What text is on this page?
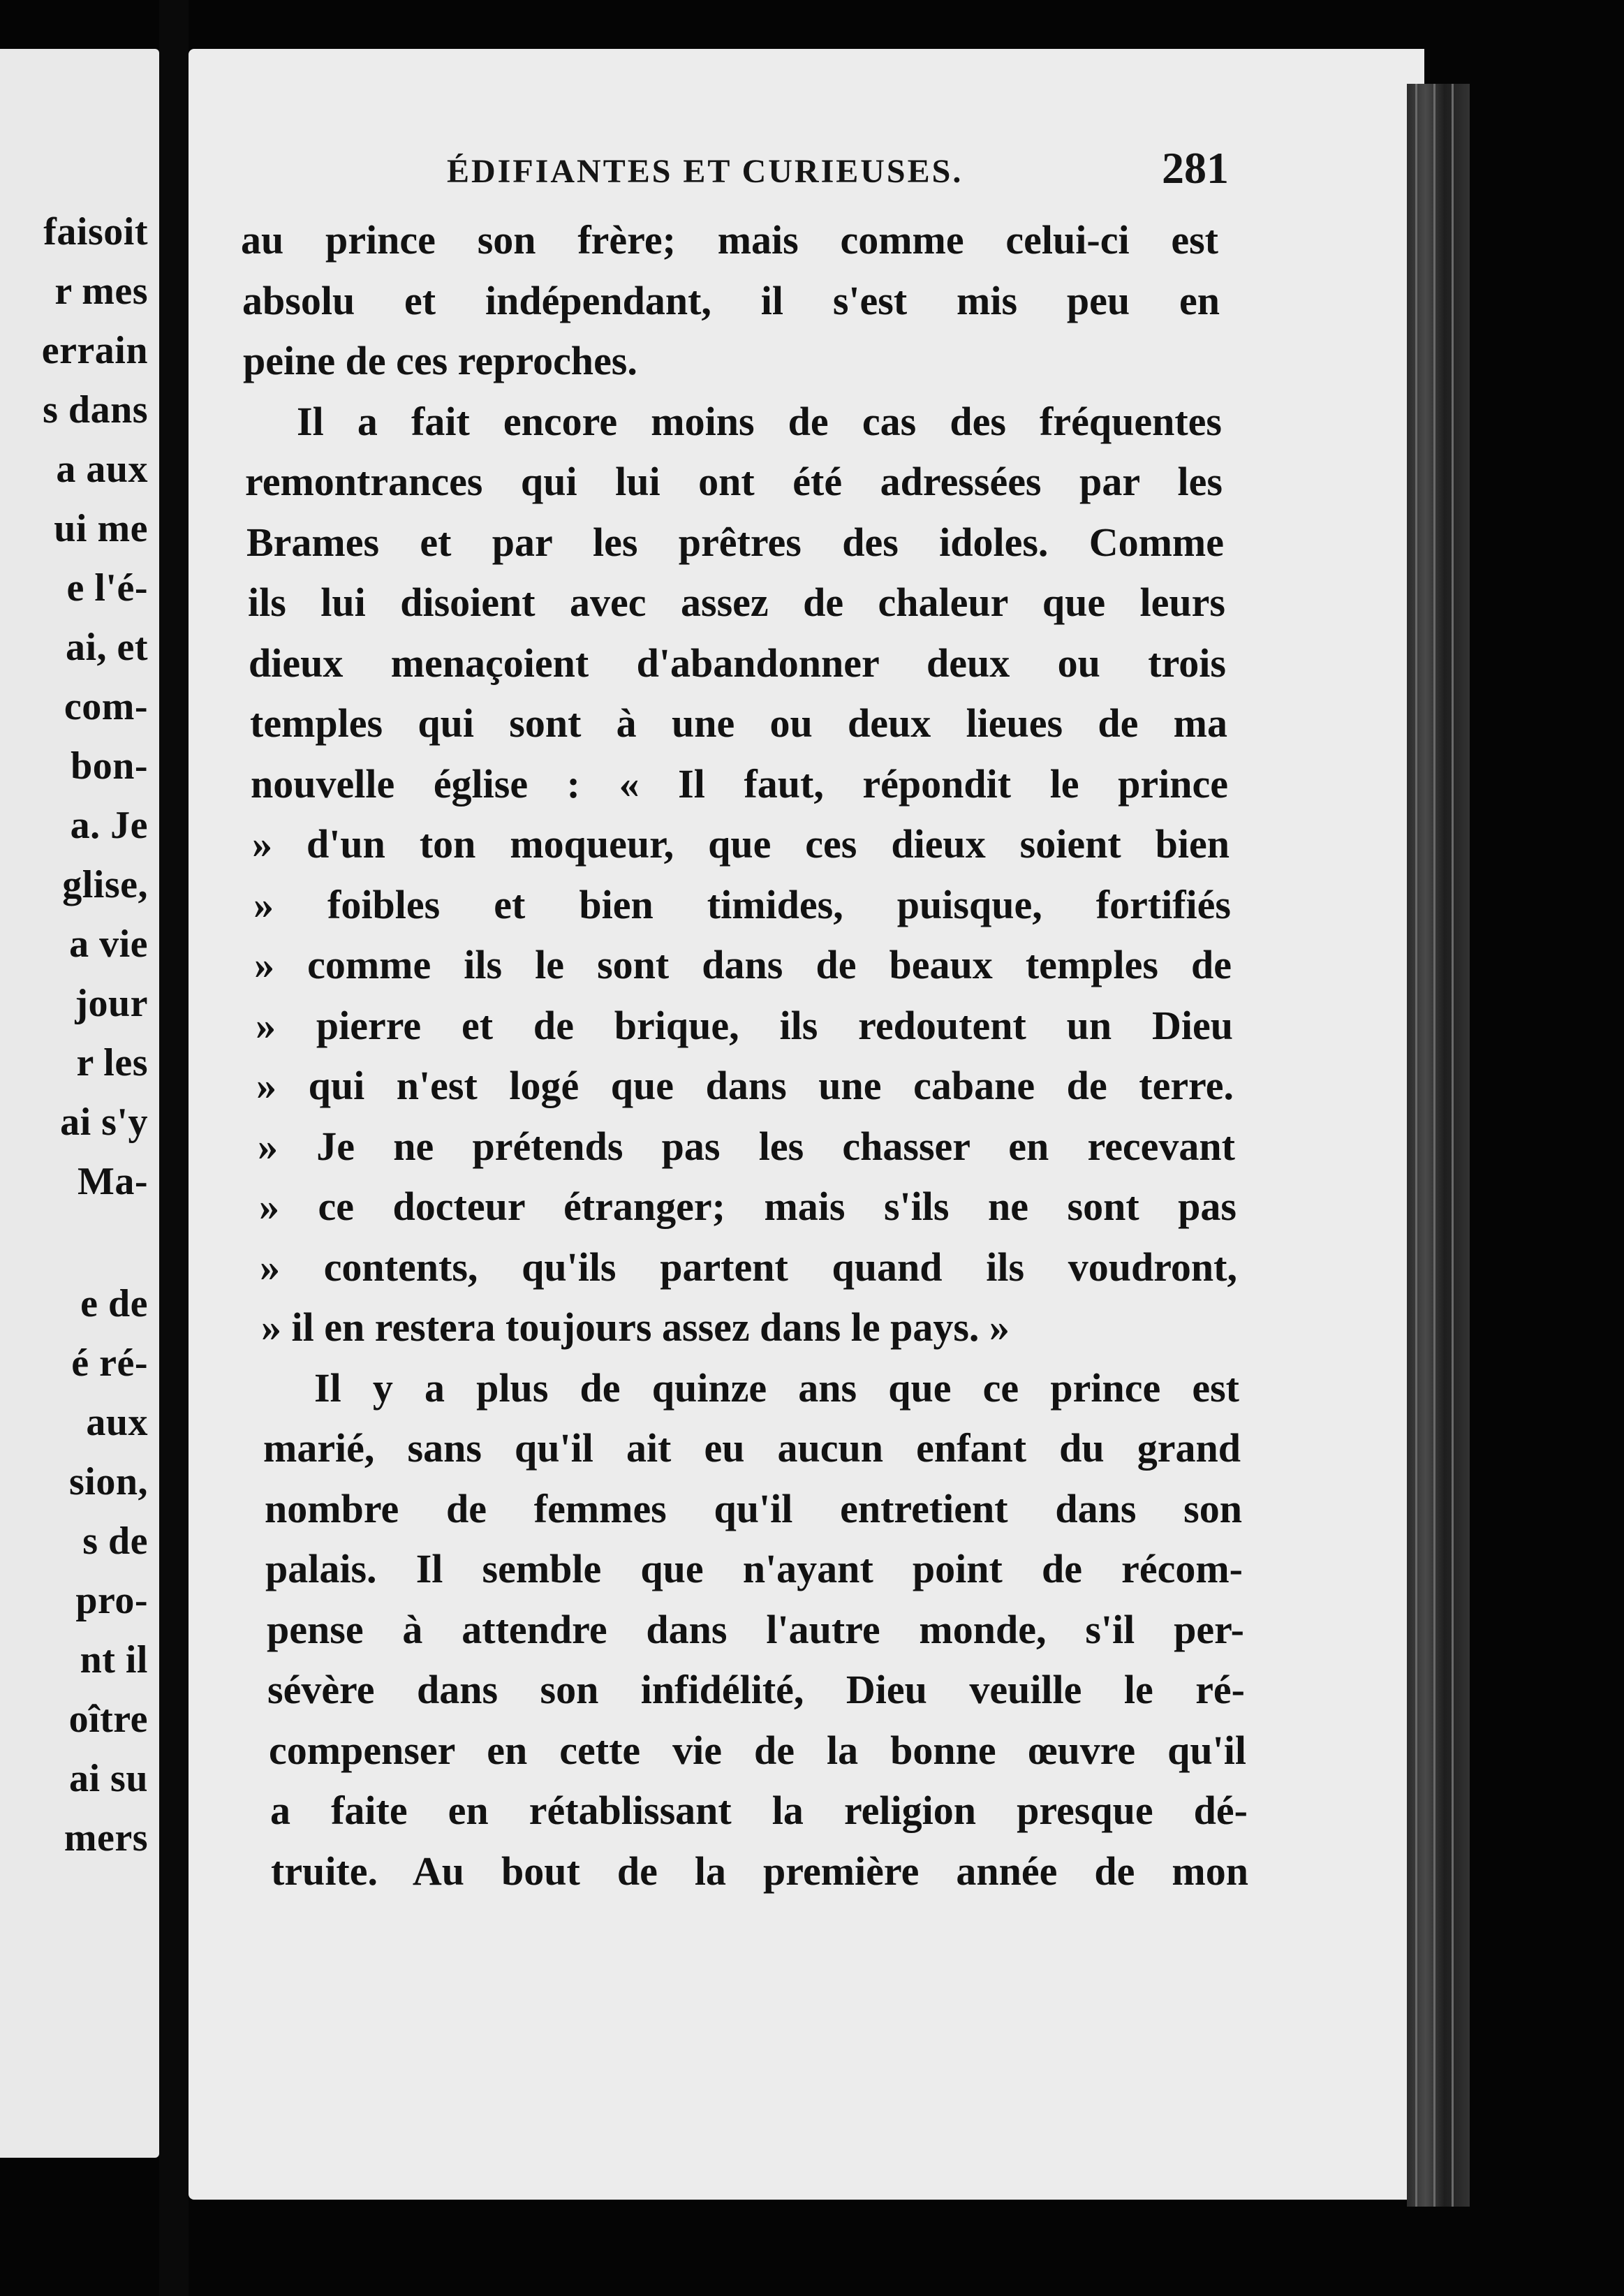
faisoit
r mes
errain
s dans
a aux
ui me
e l'é-
ai, et
com-
bon-
a. Je
glise,
a vie
jour
r les
ai s'y
Ma-
e de
é ré-
aux
sion,
s de
pro-
nt il
oître
ai su
mers
ÉDIFIANTES ET CURIEUSES.	281
au prince son frère; mais comme celui-ci est
absolu et indépendant, il s'est mis peu en
peine de ces reproches.
Il a fait encore moins de cas des fréquentes
remontrances qui lui ont été adressées par les
Brames et par les prêtres des idoles. Comme
ils lui disoient avec assez de chaleur que leurs
dieux menaçoient d'abandonner deux ou trois
temples qui sont à une ou deux lieues de ma
nouvelle église : « Il faut, répondit le prince
» d'un ton moqueur, que ces dieux soient bien
» foibles et bien timides, puisque, fortifiés
» comme ils le sont dans de beaux temples de
» pierre et de brique, ils redoutent un Dieu
» qui n'est logé que dans une cabane de terre.
» Je ne prétends pas les chasser en recevant
» ce docteur étranger; mais s'ils ne sont pas
» contents, qu'ils partent quand ils voudront,
» il en restera toujours assez dans le pays. »
Il y a plus de quinze ans que ce prince est
marié, sans qu'il ait eu aucun enfant du grand
nombre de femmes qu'il entretient dans son
palais. Il semble que n'ayant point de récom-
pense à attendre dans l'autre monde, s'il per-
sévère dans son infidélité, Dieu veuille le ré-
compenser en cette vie de la bonne œuvre qu'il
a faite en rétablissant la religion presque dé-
truite. Au bout de la première année de mon
